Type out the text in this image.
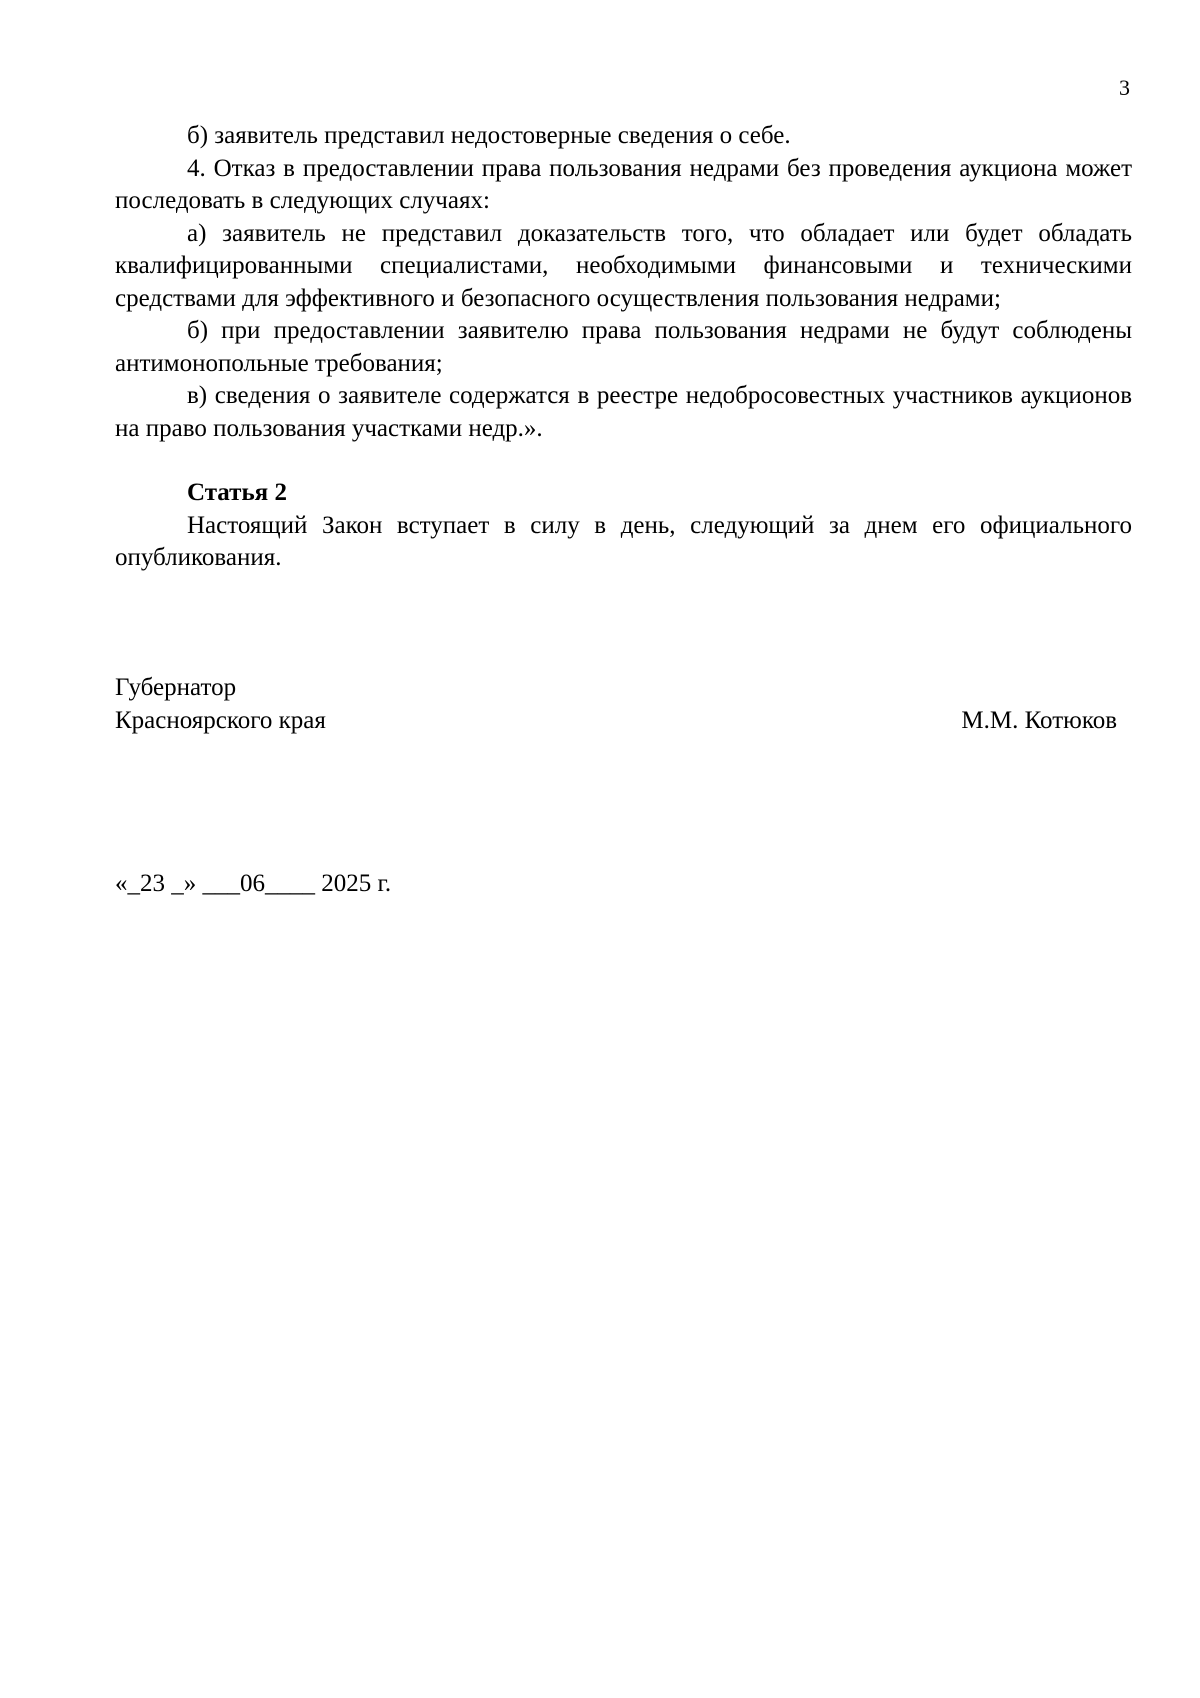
3

б) заявитель представил недостоверные сведения о себе.

4. Отказ в предоставлении права пользования недрами без проведения аукциона может последовать в следующих случаях:

а) заявитель не представил доказательств того, что обладает или будет обладать квалифицированными специалистами, необходимыми финансовыми и техническими средствами для эффективного и безопасного осуществления пользования недрами;

б) при предоставлении заявителю права пользования недрами не будут соблюдены антимонопольные требования;

в) сведения о заявителе содержатся в реестре недобросовестных участников аукционов на право пользования участками недр.».

Статья 2

Настоящий Закон вступает в силу в день, следующий за днем его официального опубликования.

Губернатор
Красноярского края	М.М. Котюков
«_23 _» ___06____ 2025 г.
